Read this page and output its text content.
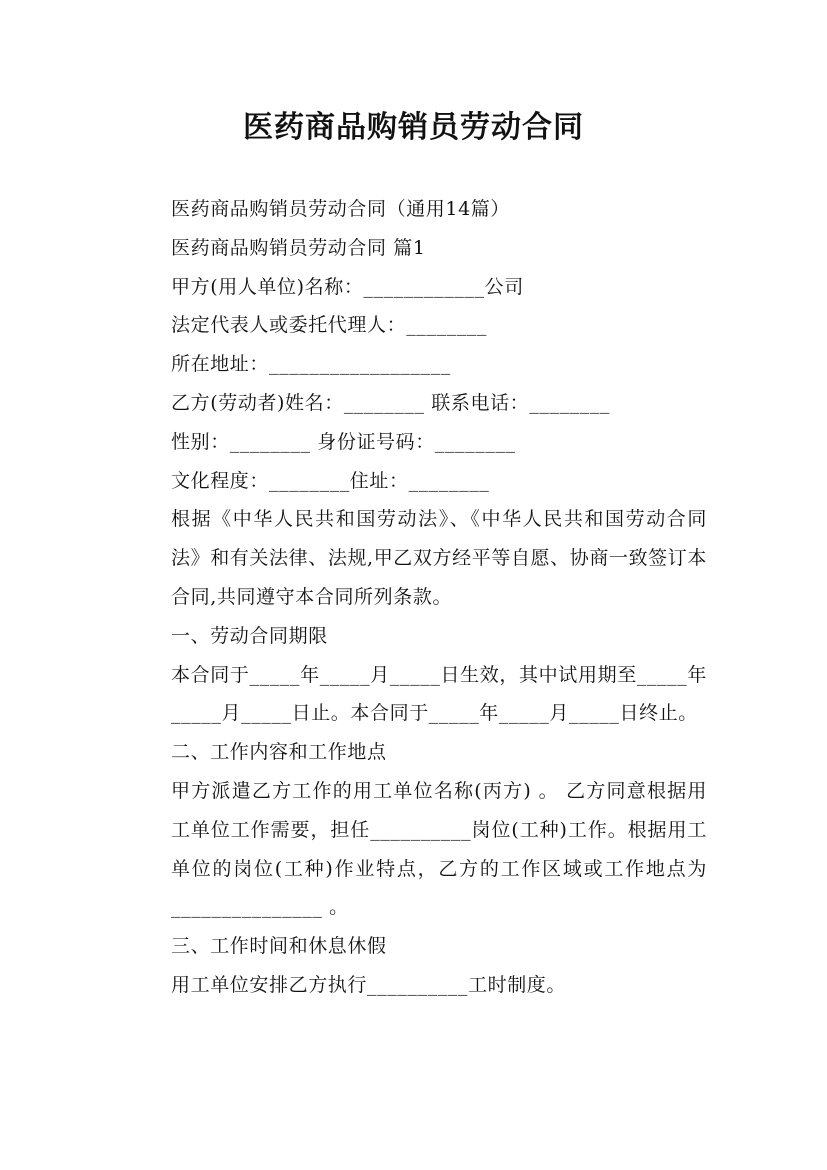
医药商品购销员劳动合同
医药商品购销员劳动合同（通用14篇）
医药商品购销员劳动合同 篇1
甲方(用人单位)名称：____________公司
法定代表人或委托代理人：________
所在地址：__________________
乙方(劳动者)姓名：________ 联系电话：________
性别：________ 身份证号码：________
文化程度：________住址：________
根据《中华人民共和国劳动法》、《中华人民共和国劳动合同法》和有关法律、法规,甲乙双方经平等自愿、协商一致签订本合同,共同遵守本合同所列条款。
一、劳动合同期限
本合同于_____年_____月_____日生效，其中试用期至_____年_____月_____日止。本合同于_____年_____月_____日终止。
二、工作内容和工作地点
甲方派遣乙方工作的用工单位名称(丙方) 。 乙方同意根据用工单位工作需要，担任__________岗位(工种)工作。根据用工单位的岗位(工种)作业特点，乙方的工作区域或工作地点为_______________ 。
三、工作时间和休息休假
用工单位安排乙方执行__________工时制度。
